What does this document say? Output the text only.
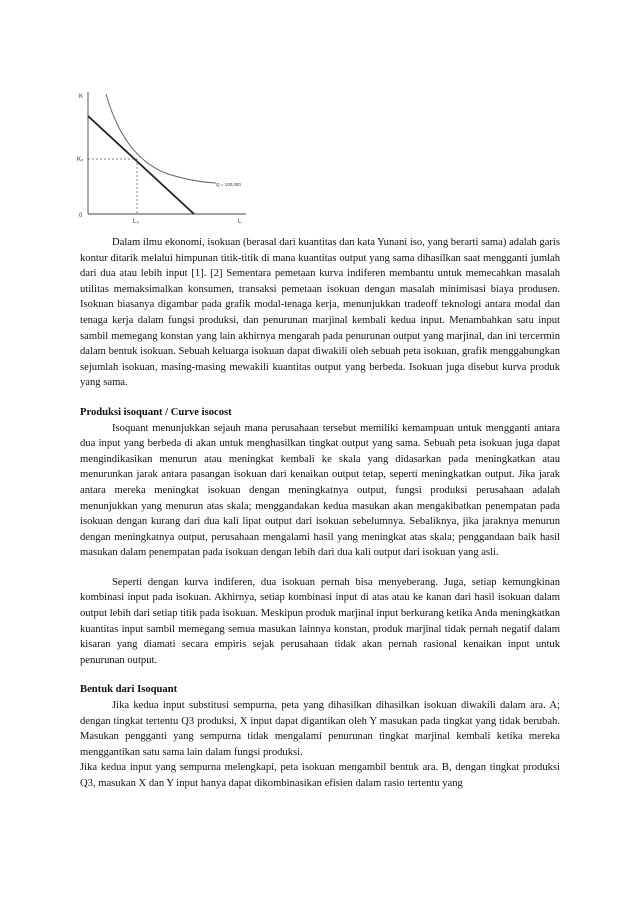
K
K₀
0
L₀	L
Q = 100,000

Dalam ilmu ekonomi, isokuan (berasal dari kuantitas dan kata Yunani iso, yang berarti sama) adalah garis kontur ditarik melalui himpunan titik-titik di mana kuantitas output yang sama dihasilkan saat mengganti jumlah dari dua atau lebih input [1]. [2] Sementara pemetaan kurva indiferen membantu untuk memecahkan masalah utilitas memaksimalkan konsumen, transaksi pemetaan isokuan dengan masalah minimisasi biaya produsen. Isokuan biasanya digambar pada grafik modal-tenaga kerja, menunjukkan tradeoff teknologi antara modal dan tenaga kerja dalam fungsi produksi, dan penurunan marjinal kembali kedua input. Menambahkan satu input sambil memegang konstan yang lain akhirnya mengarah pada penurunan output yang marjinal, dan ini tercermin dalam bentuk isokuan. Sebuah keluarga isokuan dapat diwakili oleh sebuah peta isokuan, grafik menggabungkan sejumlah isokuan, masing-masing mewakili kuantitas output yang berbeda. Isokuan juga disebut kurva produk yang sama.

Produksi isoquant / Curve isocost

Isoquant menunjukkan sejauh mana perusahaan tersebut memiliki kemampuan untuk mengganti antara dua input yang berbeda di akan untuk menghasilkan tingkat output yang sama. Sebuah peta isokuan juga dapat mengindikasikan menurun atau meningkat kembali ke skala yang didasarkan pada meningkatkan atau menurunkan jarak antara pasangan isokuan dari kenaikan output tetap, seperti meningkatkan output. Jika jarak antara mereka meningkat isokuan dengan meningkatnya output, fungsi produksi perusahaan adalah menunjukkan yang menurun atas skala; menggandakan kedua masukan akan mengakibatkan penempatan pada isokuan dengan kurang dari dua kali lipat output dari isokuan sebelumnya. Sebaliknya, jika jaraknya menurun dengan meningkatnya output, perusahaan mengalami hasil yang meningkat atas skala; penggandaan baik hasil masukan dalam penempatan pada isokuan dengan lebih dari dua kali output dari isokuan yang asli.

Seperti dengan kurva indiferen, dua isokuan pernah bisa menyeberang. Juga, setiap kemungkinan kombinasi input pada isokuan. Akhirnya, setiap kombinasi input di atas atau ke kanan dari hasil isokuan dalam output lebih dari setiap titik pada isokuan. Meskipun produk marjinal input berkurang ketika Anda meningkatkan kuantitas input sambil memegang semua masukan lainnya konstan, produk marjinal tidak pernah negatif dalam kisaran yang diamati secara empiris sejak perusahaan tidak akan pernah rasional kenaikan input untuk penurunan output.

Bentuk dari Isoquant

Jika kedua input substitusi sempurna, peta yang dihasilkan dihasilkan isokuan diwakili dalam ara. A; dengan tingkat tertentu Q3 produksi, X input dapat digantikan oleh Y masukan pada tingkat yang tidak berubah. Masukan pengganti yang sempurna tidak mengalami penurunan tingkat marjinal kembali ketika mereka menggantikan satu sama lain dalam fungsi produksi.

Jika kedua input yang sempurna melengkapi, peta isokuan mengambil bentuk ara. B, dengan tingkat produksi Q3, masukan X dan Y input hanya dapat dikombinasikan efisien dalam rasio tertentu yang
